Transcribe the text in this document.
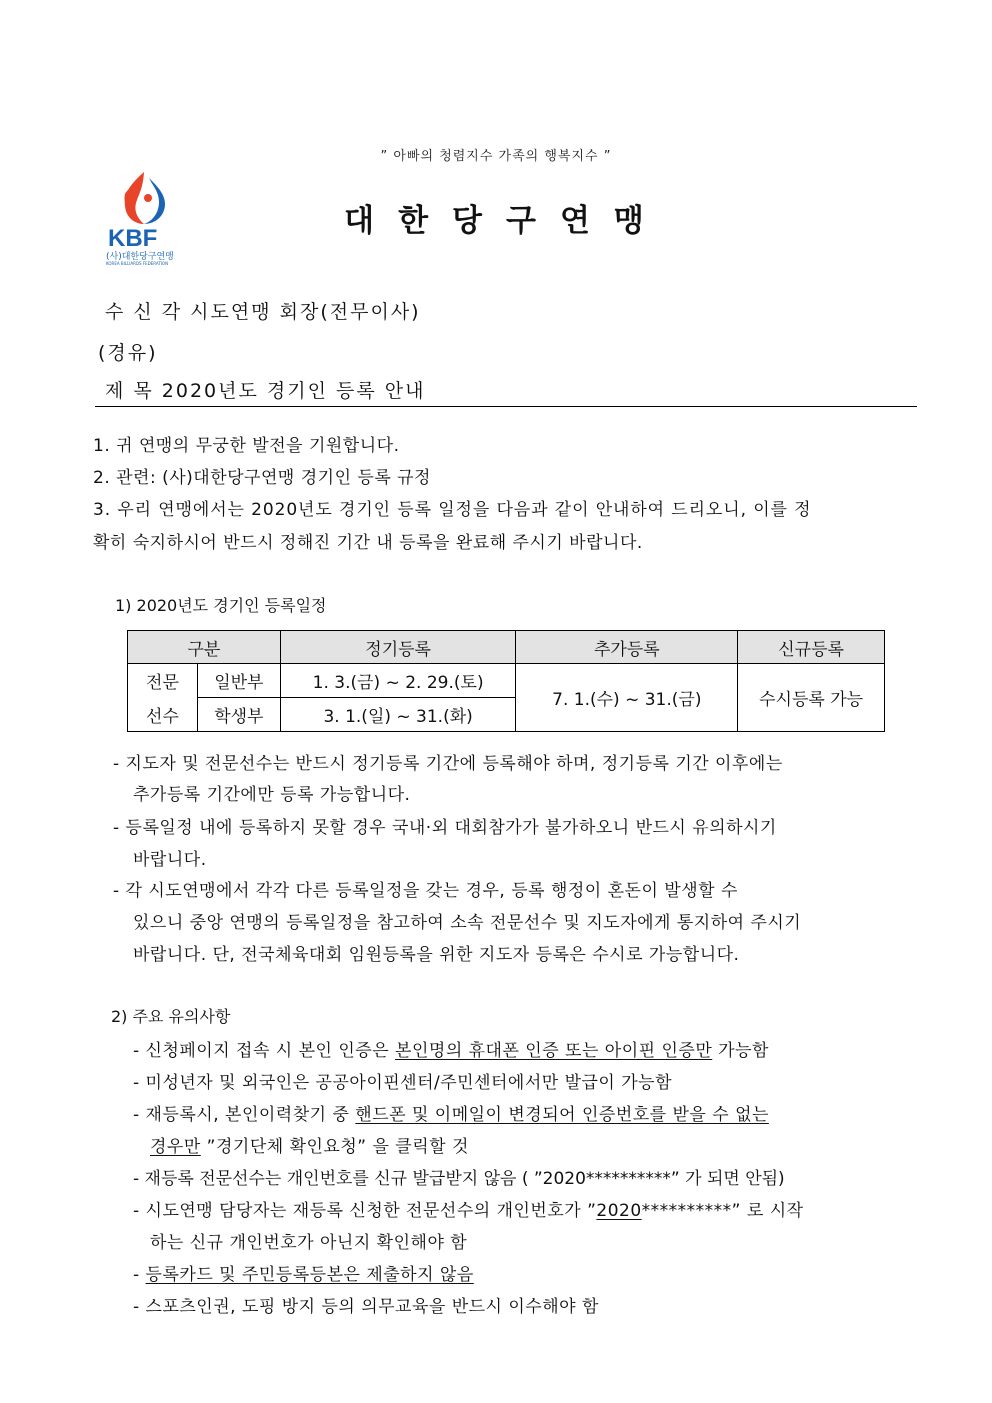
” 아빠의 청렴지수 가족의 행복지수 ”
KBF
(사)대한당구연맹
KOREA BILLIARDS FEDERATION
대한당구연맹
수 신 각 시도연맹 회장(전무이사)
(경유)
제 목 2020년도 경기인 등록 안내
1. 귀 연맹의 무궁한 발전을 기원합니다.
2. 관련: (사)대한당구연맹 경기인 등록 규정
3. 우리 연맹에서는 2020년도 경기인 등록 일정을 다음과 같이 안내하여 드리오니, 이를 정
확히 숙지하시어 반드시 정해진 기간 내 등록을 완료해 주시기 바랍니다.
1) 2020년도 경기인 등록일정
구분		정기등록	추가등록	신규등록
전문	일반부	1. 3.(금) ~ 2. 29.(토)	7. 1.(수) ~ 31.(금)	수시등록 가능
선수	학생부	3. 1.(일) ~ 31.(화)		
- 지도자 및 전문선수는 반드시 정기등록 기간에 등록해야 하며, 정기등록 기간 이후에는
추가등록 기간에만 등록 가능합니다.
- 등록일정 내에 등록하지 못할 경우 국내·외 대회참가가 불가하오니 반드시 유의하시기
바랍니다.
- 각 시도연맹에서 각각 다른 등록일정을 갖는 경우, 등록 행정이 혼돈이 발생할 수
있으니 중앙 연맹의 등록일정을 참고하여 소속 전문선수 및 지도자에게 통지하여 주시기
바랍니다. 단, 전국체육대회 임원등록을 위한 지도자 등록은 수시로 가능합니다.
2) 주요 유의사항
- 신청페이지 접속 시 본인 인증은 본인명의 휴대폰 인증 또는 아이핀 인증만 가능함
- 미성년자 및 외국인은 공공아이핀센터/주민센터에서만 발급이 가능함
- 재등록시, 본인이력찾기 중 핸드폰 및 이메일이 변경되어 인증번호를 받을 수 없는
경우만 ”경기단체 확인요청” 을 클릭할 것
- 재등록 전문선수는 개인번호를 신규 발급받지 않음 ( ”2020**********” 가 되면 안됨)
- 시도연맹 담당자는 재등록 신청한 전문선수의 개인번호가 ”2020**********” 로 시작
하는 신규 개인번호가 아닌지 확인해야 함
- 등록카드 및 주민등록등본은 제출하지 않음
- 스포츠인권, 도핑 방지 등의 의무교육을 반드시 이수해야 함
